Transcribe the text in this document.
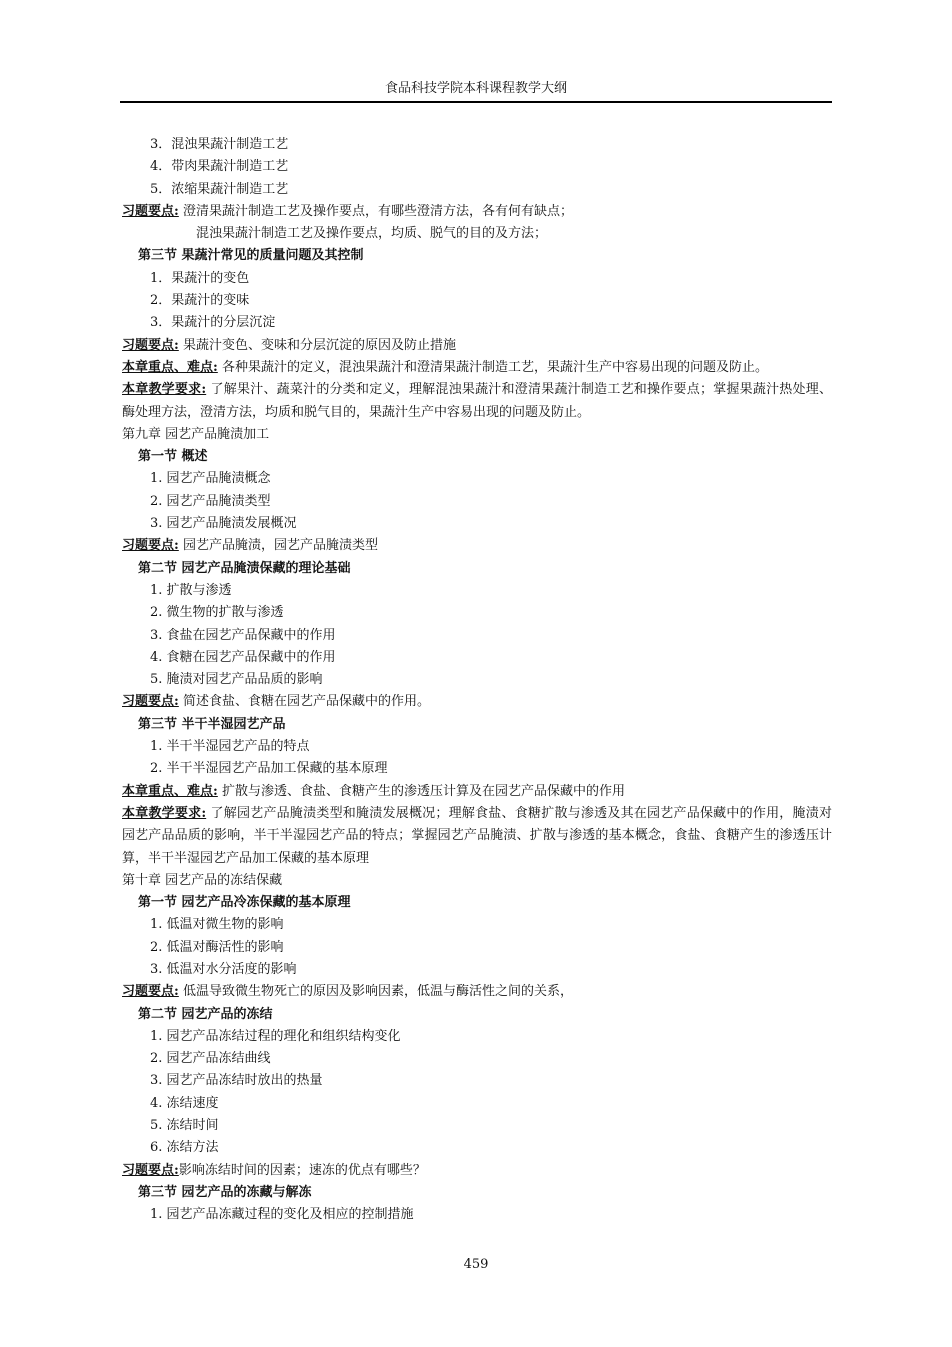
食品科技学院本科课程教学大纲
3．混浊果蔬汁制造工艺
4．带肉果蔬汁制造工艺
5．浓缩果蔬汁制造工艺
习题要点: 澄清果蔬汁制造工艺及操作要点，有哪些澄清方法，各有何有缺点；
混浊果蔬汁制造工艺及操作要点，均质、脱气的目的及方法；
第三节 果蔬汁常见的质量问题及其控制
1．果蔬汁的变色
2．果蔬汁的变味
3．果蔬汁的分层沉淀
习题要点: 果蔬汁变色、变味和分层沉淀的原因及防止措施
本章重点、难点: 各种果蔬汁的定义，混浊果蔬汁和澄清果蔬汁制造工艺，果蔬汁生产中容易出现的问题及防止。
本章教学要求: 了解果汁、蔬菜汁的分类和定义，理解混浊果蔬汁和澄清果蔬汁制造工艺和操作要点；掌握果蔬汁热处理、酶处理方法，澄清方法，均质和脱气目的，果蔬汁生产中容易出现的问题及防止。
第九章 园艺产品腌渍加工
第一节 概述
1. 园艺产品腌渍概念
2. 园艺产品腌渍类型
3. 园艺产品腌渍发展概况
习题要点: 园艺产品腌渍，园艺产品腌渍类型
第二节 园艺产品腌渍保藏的理论基础
1. 扩散与渗透
2. 微生物的扩散与渗透
3. 食盐在园艺产品保藏中的作用
4. 食糖在园艺产品保藏中的作用
5. 腌渍对园艺产品品质的影响
习题要点: 简述食盐、食糖在园艺产品保藏中的作用。
第三节 半干半湿园艺产品
1. 半干半湿园艺产品的特点
2. 半干半湿园艺产品加工保藏的基本原理
本章重点、难点: 扩散与渗透、食盐、食糖产生的渗透压计算及在园艺产品保藏中的作用
本章教学要求: 了解园艺产品腌渍类型和腌渍发展概况；理解食盐、食糖扩散与渗透及其在园艺产品保藏中的作用，腌渍对园艺产品品质的影响，半干半湿园艺产品的特点；掌握园艺产品腌渍、扩散与渗透的基本概念，食盐、食糖产生的渗透压计算，半干半湿园艺产品加工保藏的基本原理
第十章 园艺产品的冻结保藏
第一节 园艺产品冷冻保藏的基本原理
1. 低温对微生物的影响
2. 低温对酶活性的影响
3. 低温对水分活度的影响
习题要点: 低温导致微生物死亡的原因及影响因素，低温与酶活性之间的关系，
第二节 园艺产品的冻结
1. 园艺产品冻结过程的理化和组织结构变化
2. 园艺产品冻结曲线
3. 园艺产品冻结时放出的热量
4. 冻结速度
5. 冻结时间
6. 冻结方法
习题要点:影响冻结时间的因素；速冻的优点有哪些？
第三节 园艺产品的冻藏与解冻
1. 园艺产品冻藏过程的变化及相应的控制措施
459
